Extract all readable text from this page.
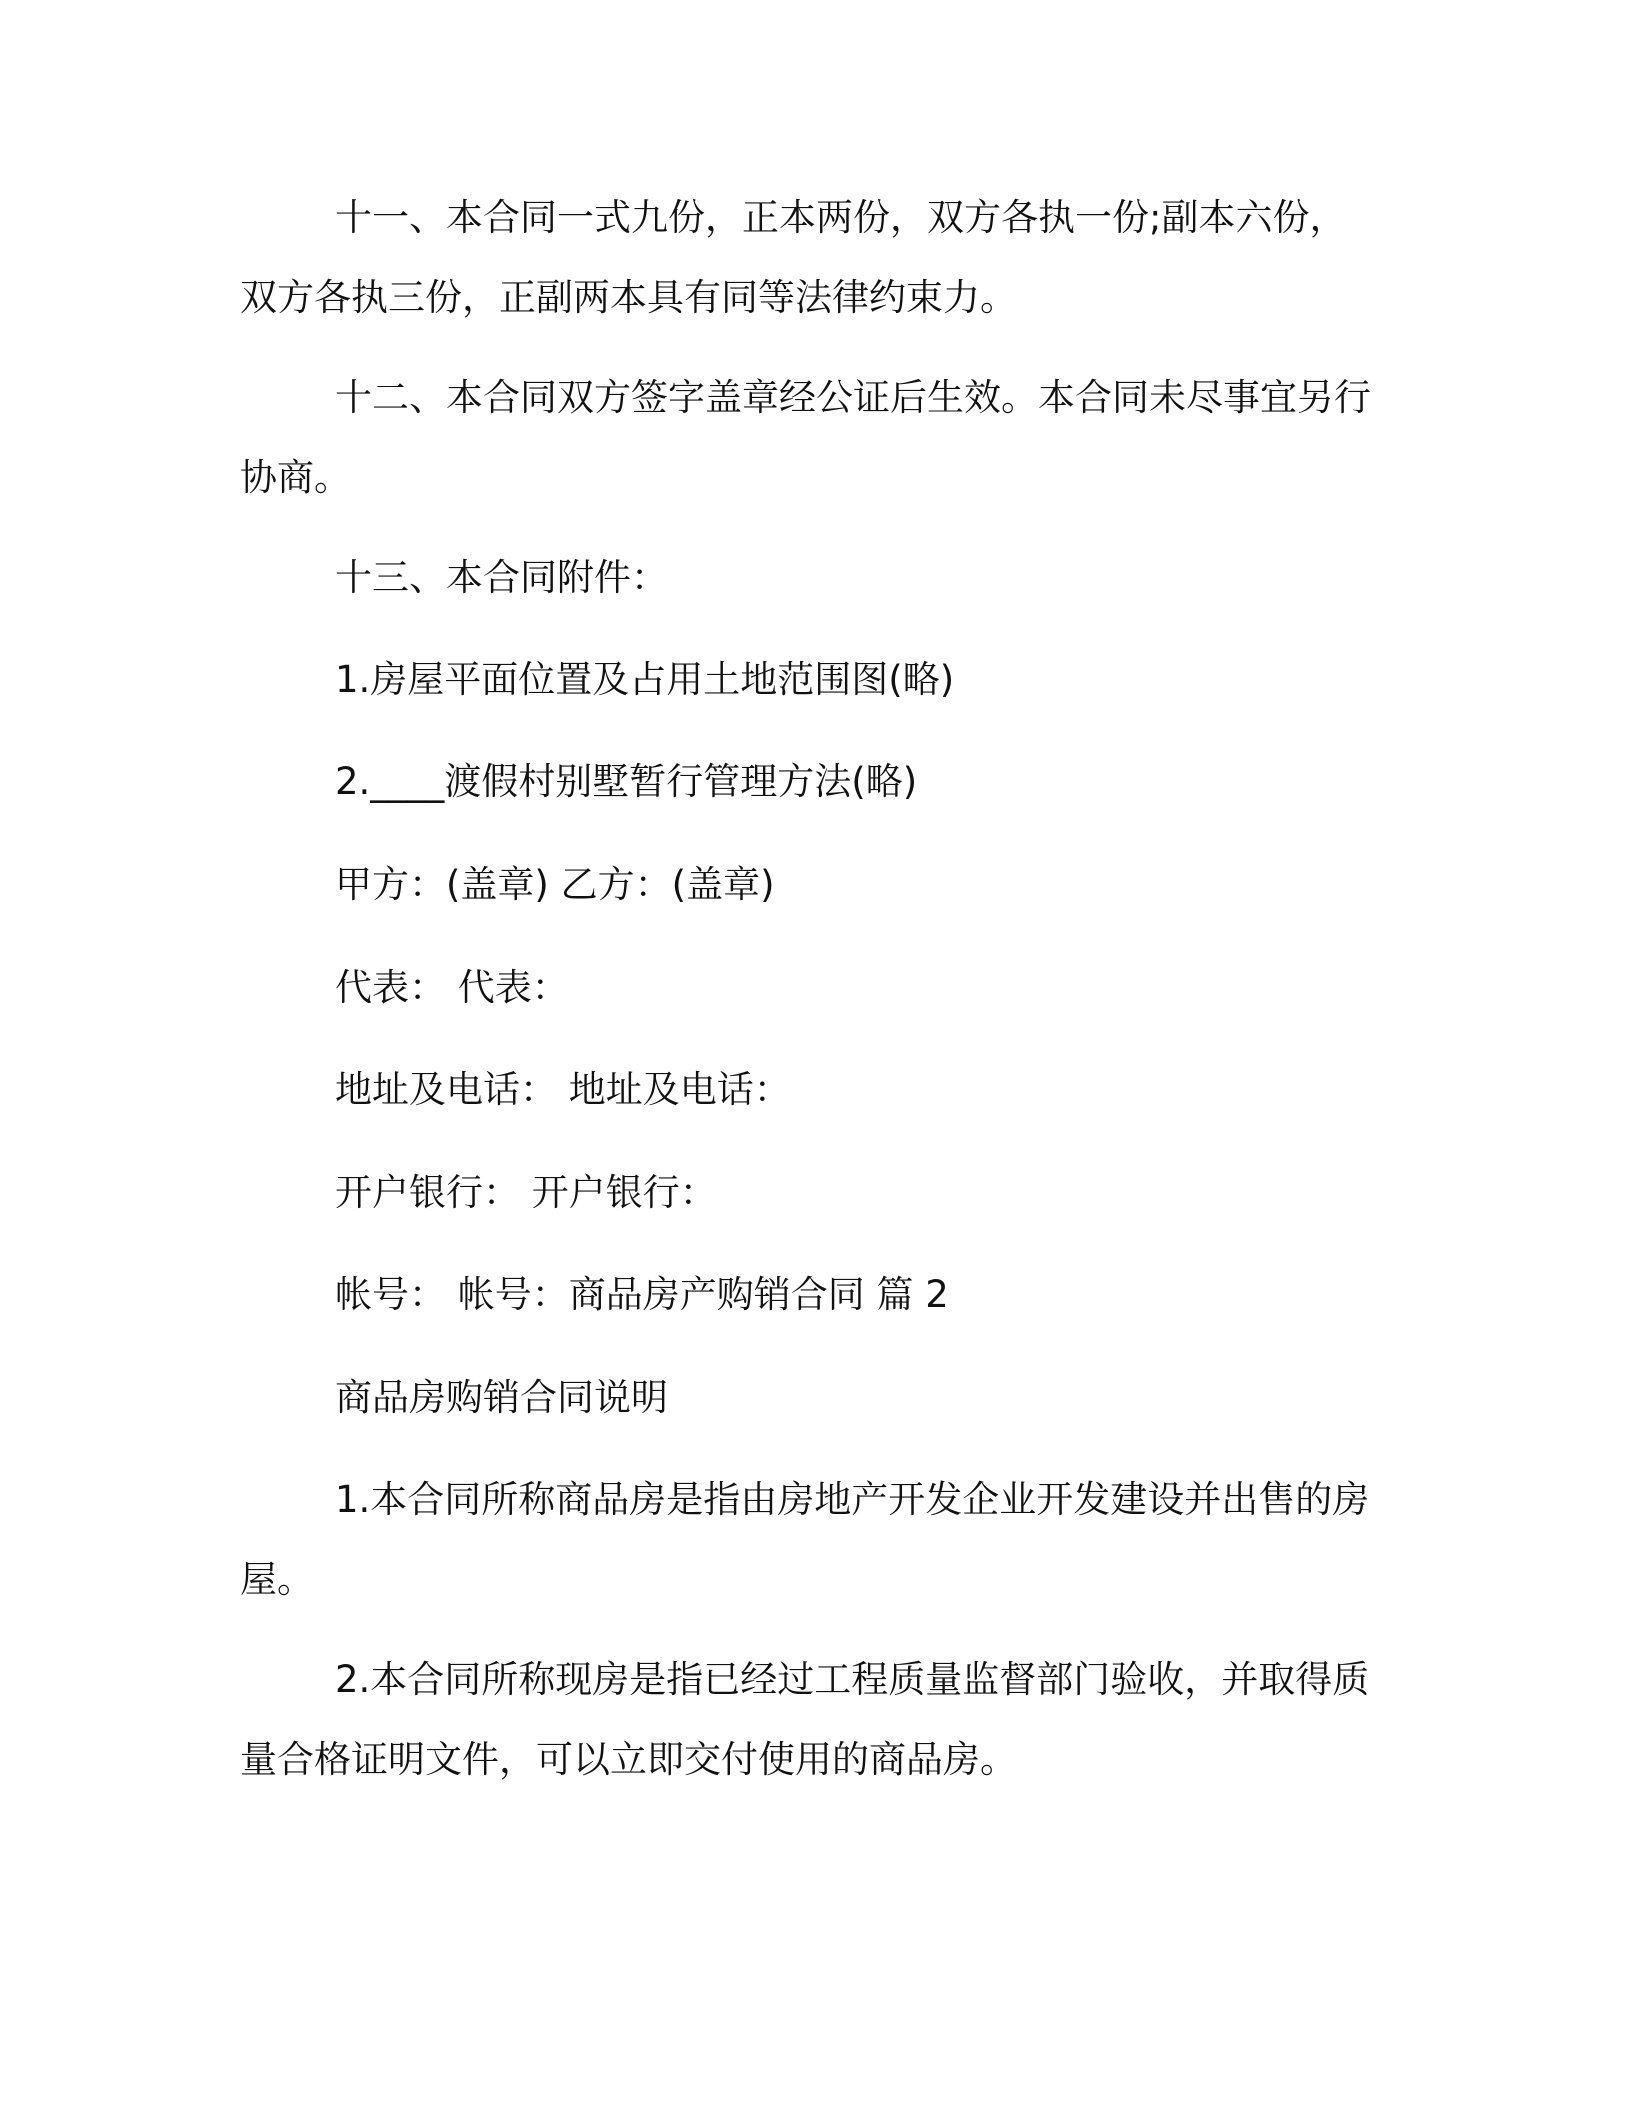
十一、本合同一式九份，正本两份，双方各执一份;副本六份，
双方各执三份，正副两本具有同等法律约束力。

十二、本合同双方签字盖章经公证后生效。本合同未尽事宜另行
协商。

十三、本合同附件：

1.房屋平面位置及占用土地范围图(略)

2.____渡假村别墅暂行管理方法(略)

甲方：(盖章) 乙方：(盖章)

代表： 代表：

地址及电话： 地址及电话：

开户银行： 开户银行：

帐号： 帐号：商品房产购销合同 篇 2

商品房购销合同说明

1.本合同所称商品房是指由房地产开发企业开发建设并出售的房
屋。

2.本合同所称现房是指已经过工程质量监督部门验收，并取得质
量合格证明文件，可以立即交付使用的商品房。
